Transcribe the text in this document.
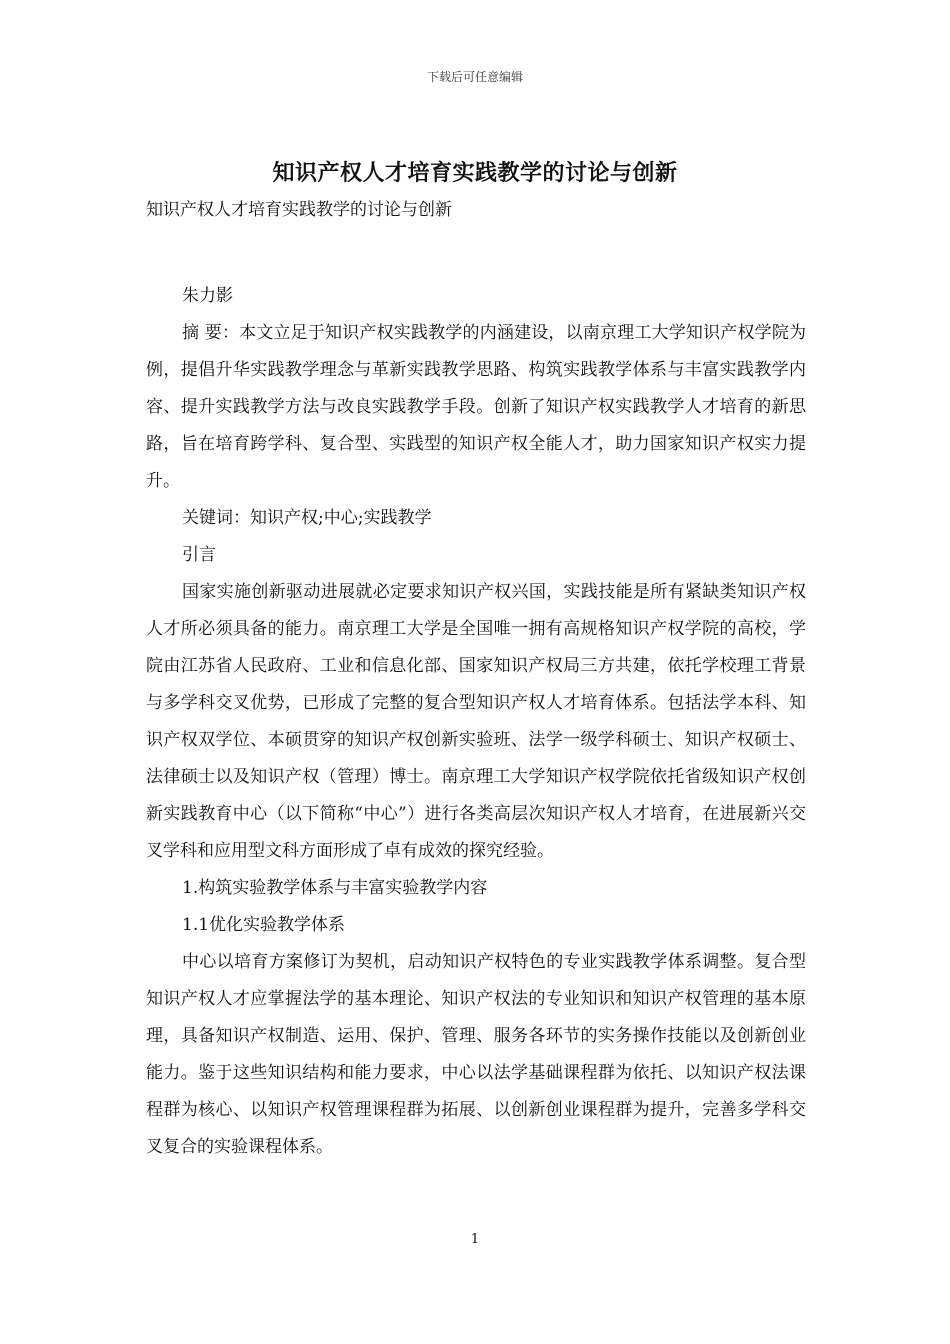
下载后可任意编辑
知识产权人才培育实践教学的讨论与创新

知识产权人才培育实践教学的讨论与创新

朱力影

摘 要：本文立足于知识产权实践教学的内涵建设，以南京理工大学知识产权学院为例，提倡升华实践教学理念与革新实践教学思路、构筑实践教学体系与丰富实践教学内容、提升实践教学方法与改良实践教学手段。创新了知识产权实践教学人才培育的新思路，旨在培育跨学科、复合型、实践型的知识产权全能人才，助力国家知识产权实力提升。

关键词：知识产权;中心;实践教学

引言

国家实施创新驱动进展就必定要求知识产权兴国，实践技能是所有紧缺类知识产权人才所必须具备的能力。南京理工大学是全国唯一拥有高规格知识产权学院的高校，学院由江苏省人民政府、工业和信息化部、国家知识产权局三方共建，依托学校理工背景与多学科交叉优势，已形成了完整的复合型知识产权人才培育体系。包括法学本科、知识产权双学位、本硕贯穿的知识产权创新实验班、法学一级学科硕士、知识产权硕士、法律硕士以及知识产权（管理）博士。南京理工大学知识产权学院依托省级知识产权创新实践教育中心（以下简称“中心”）进行各类高层次知识产权人才培育，在进展新兴交叉学科和应用型文科方面形成了卓有成效的探究经验。

1.构筑实验教学体系与丰富实验教学内容

1.1优化实验教学体系

中心以培育方案修订为契机，启动知识产权特色的专业实践教学体系调整。复合型知识产权人才应掌握法学的基本理论、知识产权法的专业知识和知识产权管理的基本原理，具备知识产权制造、运用、保护、管理、服务各环节的实务操作技能以及创新创业能力。鉴于这些知识结构和能力要求，中心以法学基础课程群为依托、以知识产权法课程群为核心、以知识产权管理课程群为拓展、以创新创业课程群为提升，完善多学科交叉复合的实验课程体系。

1
